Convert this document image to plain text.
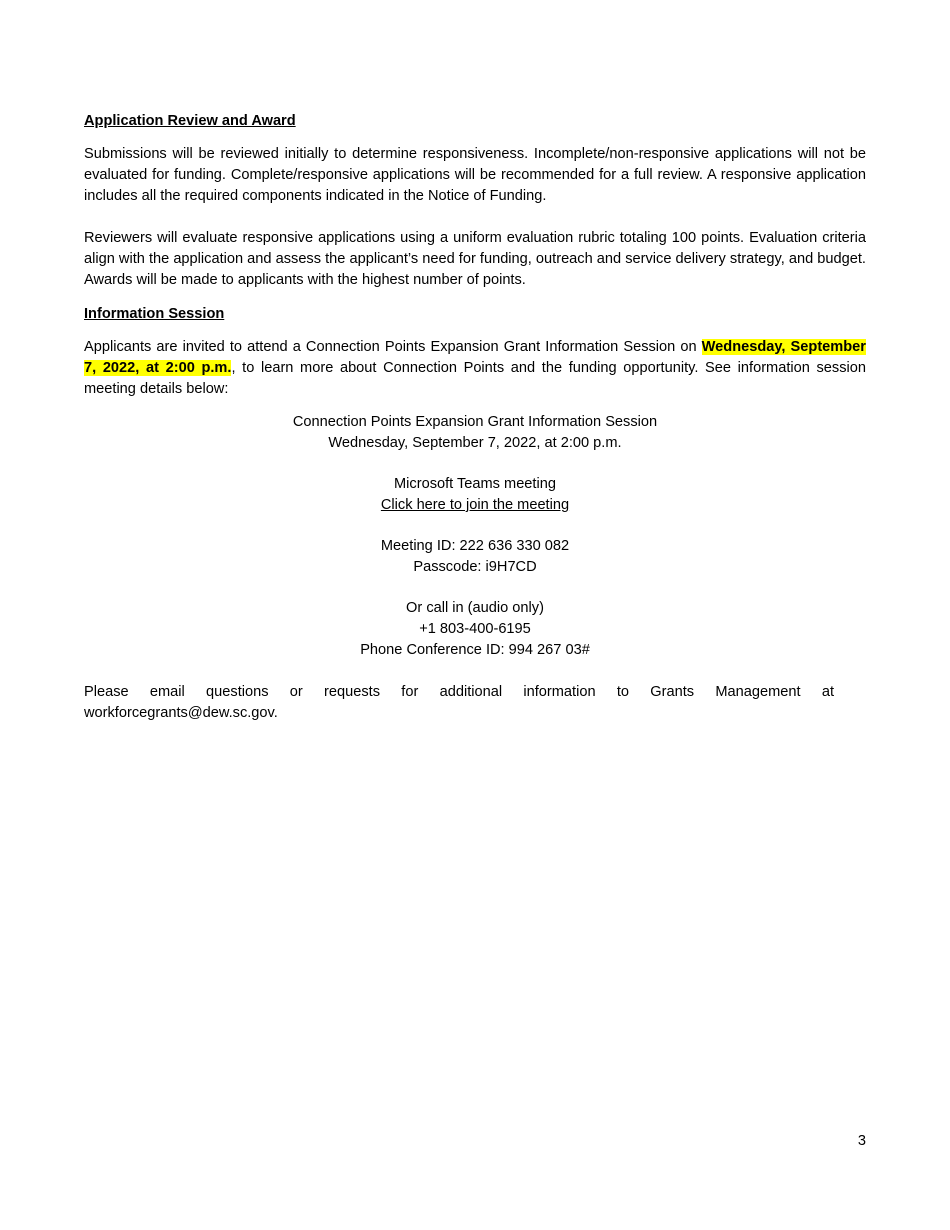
Application Review and Award

Submissions will be reviewed initially to determine responsiveness. Incomplete/non-responsive applications will not be evaluated for funding. Complete/responsive applications will be recommended for a full review. A responsive application includes all the required components indicated in the Notice of Funding.

Reviewers will evaluate responsive applications using a uniform evaluation rubric totaling 100 points. Evaluation criteria align with the application and assess the applicant’s need for funding, outreach and service delivery strategy, and budget. Awards will be made to applicants with the highest number of points.

Information Session

Applicants are invited to attend a Connection Points Expansion Grant Information Session on Wednesday, September 7, 2022, at 2:00 p.m., to learn more about Connection Points and the funding opportunity. See information session meeting details below:

Connection Points Expansion Grant Information Session
Wednesday, September 7, 2022, at 2:00 p.m.
Microsoft Teams meeting
Click here to join the meeting
Meeting ID: 222 636 330 082
Passcode: i9H7CD
Or call in (audio only)
+1 803-400-6195
Phone Conference ID: 994 267 03#

Please email questions or requests for additional information to Grants Management at workforcegrants@dew.sc.gov.

3
